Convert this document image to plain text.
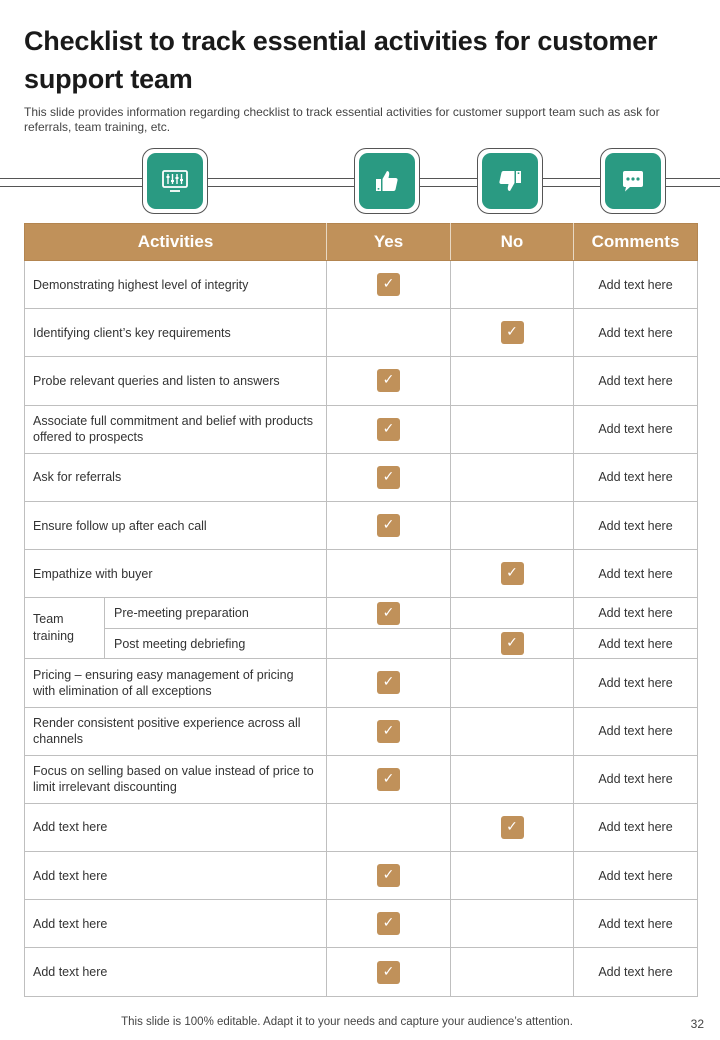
Checklist to track essential activities for customer support team
This slide provides information regarding checklist to track essential activities for customer support team such as ask for referrals, team training, etc.
Activities		Yes	No	Comments
Demonstrating highest level of integrity		✓		Add text here
Identifying client’s key requirements			✓	Add text here
Probe relevant queries and listen to answers		✓		Add text here
Associate full commitment and belief with products offered to prospects		✓		Add text here
Ask for referrals		✓		Add text here
Ensure follow up after each call		✓		Add text here
Empathize with buyer			✓	Add text here
Team training	Pre-meeting preparation	✓		Add text here
	Post meeting debriefing		✓	Add text here
Pricing – ensuring easy management of pricing with elimination of all exceptions		✓		Add text here
Render consistent positive experience across all channels		✓		Add text here
Focus on selling based on value instead of price to limit irrelevant discounting		✓		Add text here
Add text here			✓	Add text here
Add text here		✓		Add text here
Add text here		✓		Add text here
Add text here		✓		Add text here
This slide is 100% editable. Adapt it to your needs and capture your audience’s attention.	32
